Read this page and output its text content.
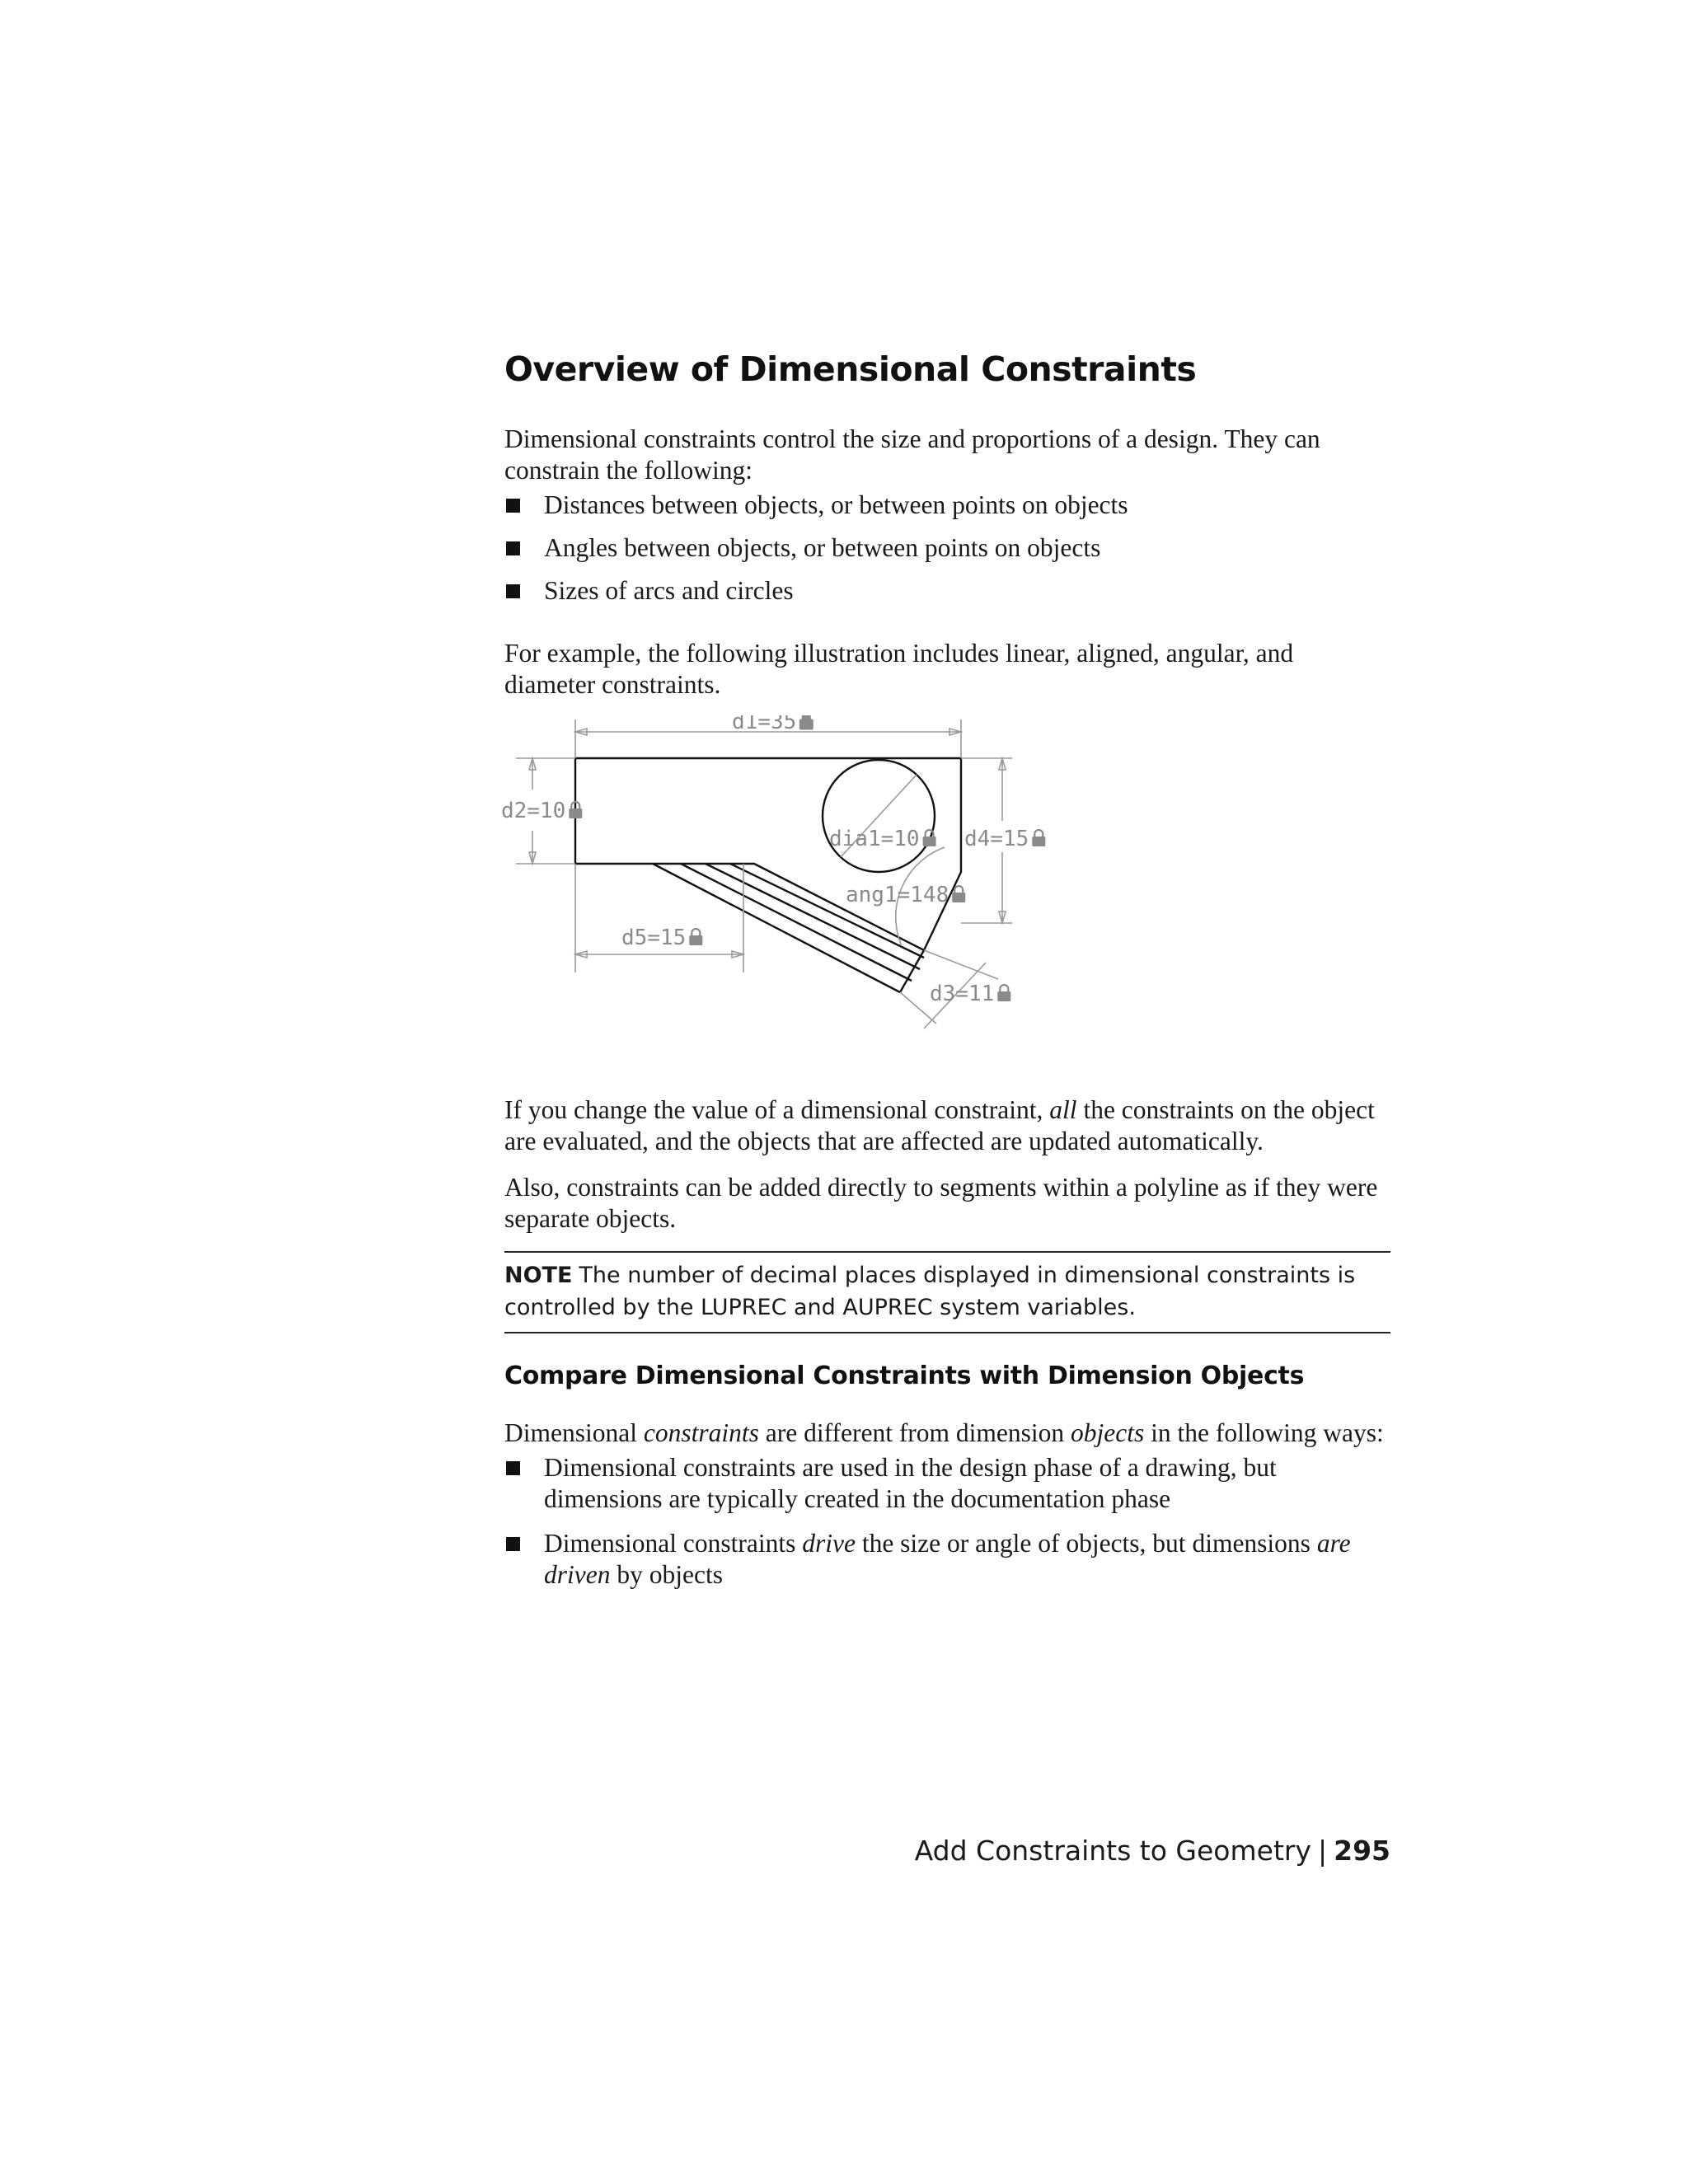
Overview of Dimensional Constraints

Dimensional constraints control the size and proportions of a design. They can constrain the following:

Distances between objects, or between points on objects
Angles between objects, or between points on objects
Sizes of arcs and circles

For example, the following illustration includes linear, aligned, angular, and diameter constraints.

d1=35
d2=10
d4=15
dia1=10
ang1=148
d5=15
d3=11

If you change the value of a dimensional constraint, all the constraints on the object are evaluated, and the objects that are affected are updated automatically.

Also, constraints can be added directly to segments within a polyline as if they were separate objects.

NOTE The number of decimal places displayed in dimensional constraints is controlled by the LUPREC and AUPREC system variables.
Compare Dimensional Constraints with Dimension Objects

Dimensional constraints are different from dimension objects in the following ways:

Dimensional constraints are used in the design phase of a drawing, but dimensions are typically created in the documentation phase
Dimensional constraints drive the size or angle of objects, but dimensions are driven by objects
Add Constraints to Geometry | 295
